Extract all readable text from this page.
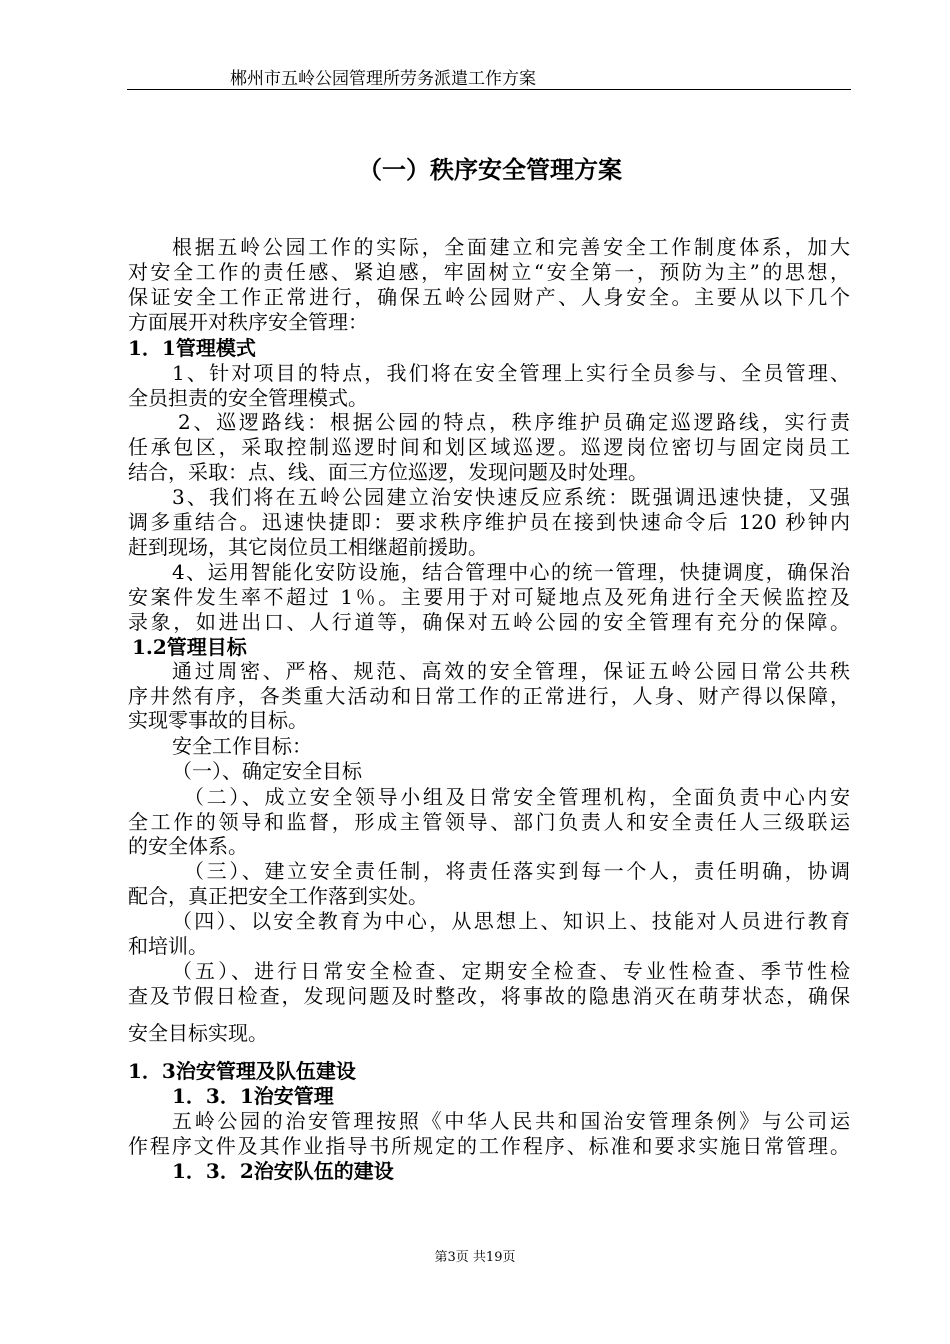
郴州市五岭公园管理所劳务派遣工作方案
（一）秩序安全管理方案
根据五岭公园工作的实际，全面建立和完善安全工作制度体系，加大
对安全工作的责任感、紧迫感，牢固树立“安全第一，预防为主”的思想，
保证安全工作正常进行，确保五岭公园财产、人身安全。主要从以下几个
方面展开对秩序安全管理：
1．1管理模式
1、针对项目的特点，我们将在安全管理上实行全员参与、全员管理、
全员担责的安全管理模式。
2、巡逻路线：根据公园的特点，秩序维护员确定巡逻路线，实行责
任承包区，采取控制巡逻时间和划区域巡逻。巡逻岗位密切与固定岗员工
结合，采取：点、线、面三方位巡逻，发现问题及时处理。
3、我们将在五岭公园建立治安快速反应系统：既强调迅速快捷，又强
调多重结合。迅速快捷即：要求秩序维护员在接到快速命令后 120 秒钟内
赶到现场，其它岗位员工相继超前援助。
4、运用智能化安防设施，结合管理中心的统一管理，快捷调度，确保治
安案件发生率不超过 1％。主要用于对可疑地点及死角进行全天候监控及
录象，如进出口、人行道等，确保对五岭公园的安全管理有充分的保障。
1.2管理目标
通过周密、严格、规范、高效的安全管理，保证五岭公园日常公共秩
序井然有序，各类重大活动和日常工作的正常进行，人身、财产得以保障，
实现零事故的目标。
安全工作目标：
（一）、确定安全目标
（二）、成立安全领导小组及日常安全管理机构，全面负责中心内安
全工作的领导和监督，形成主管领导、部门负责人和安全责任人三级联运
的安全体系。
（三）、建立安全责任制，将责任落实到每一个人，责任明确，协调
配合，真正把安全工作落到实处。
（四）、以安全教育为中心，从思想上、知识上、技能对人员进行教育
和培训。
（五）、进行日常安全检查、定期安全检查、专业性检查、季节性检
查及节假日检查，发现问题及时整改，将事故的隐患消灭在萌芽状态，确保
安全目标实现。
1．3治安管理及队伍建设
1．3．1治安管理
五岭公园的治安管理按照《中华人民共和国治安管理条例》与公司运
作程序文件及其作业指导书所规定的工作程序、标准和要求实施日常管理。
1．3．2治安队伍的建设
第3页 共19页
